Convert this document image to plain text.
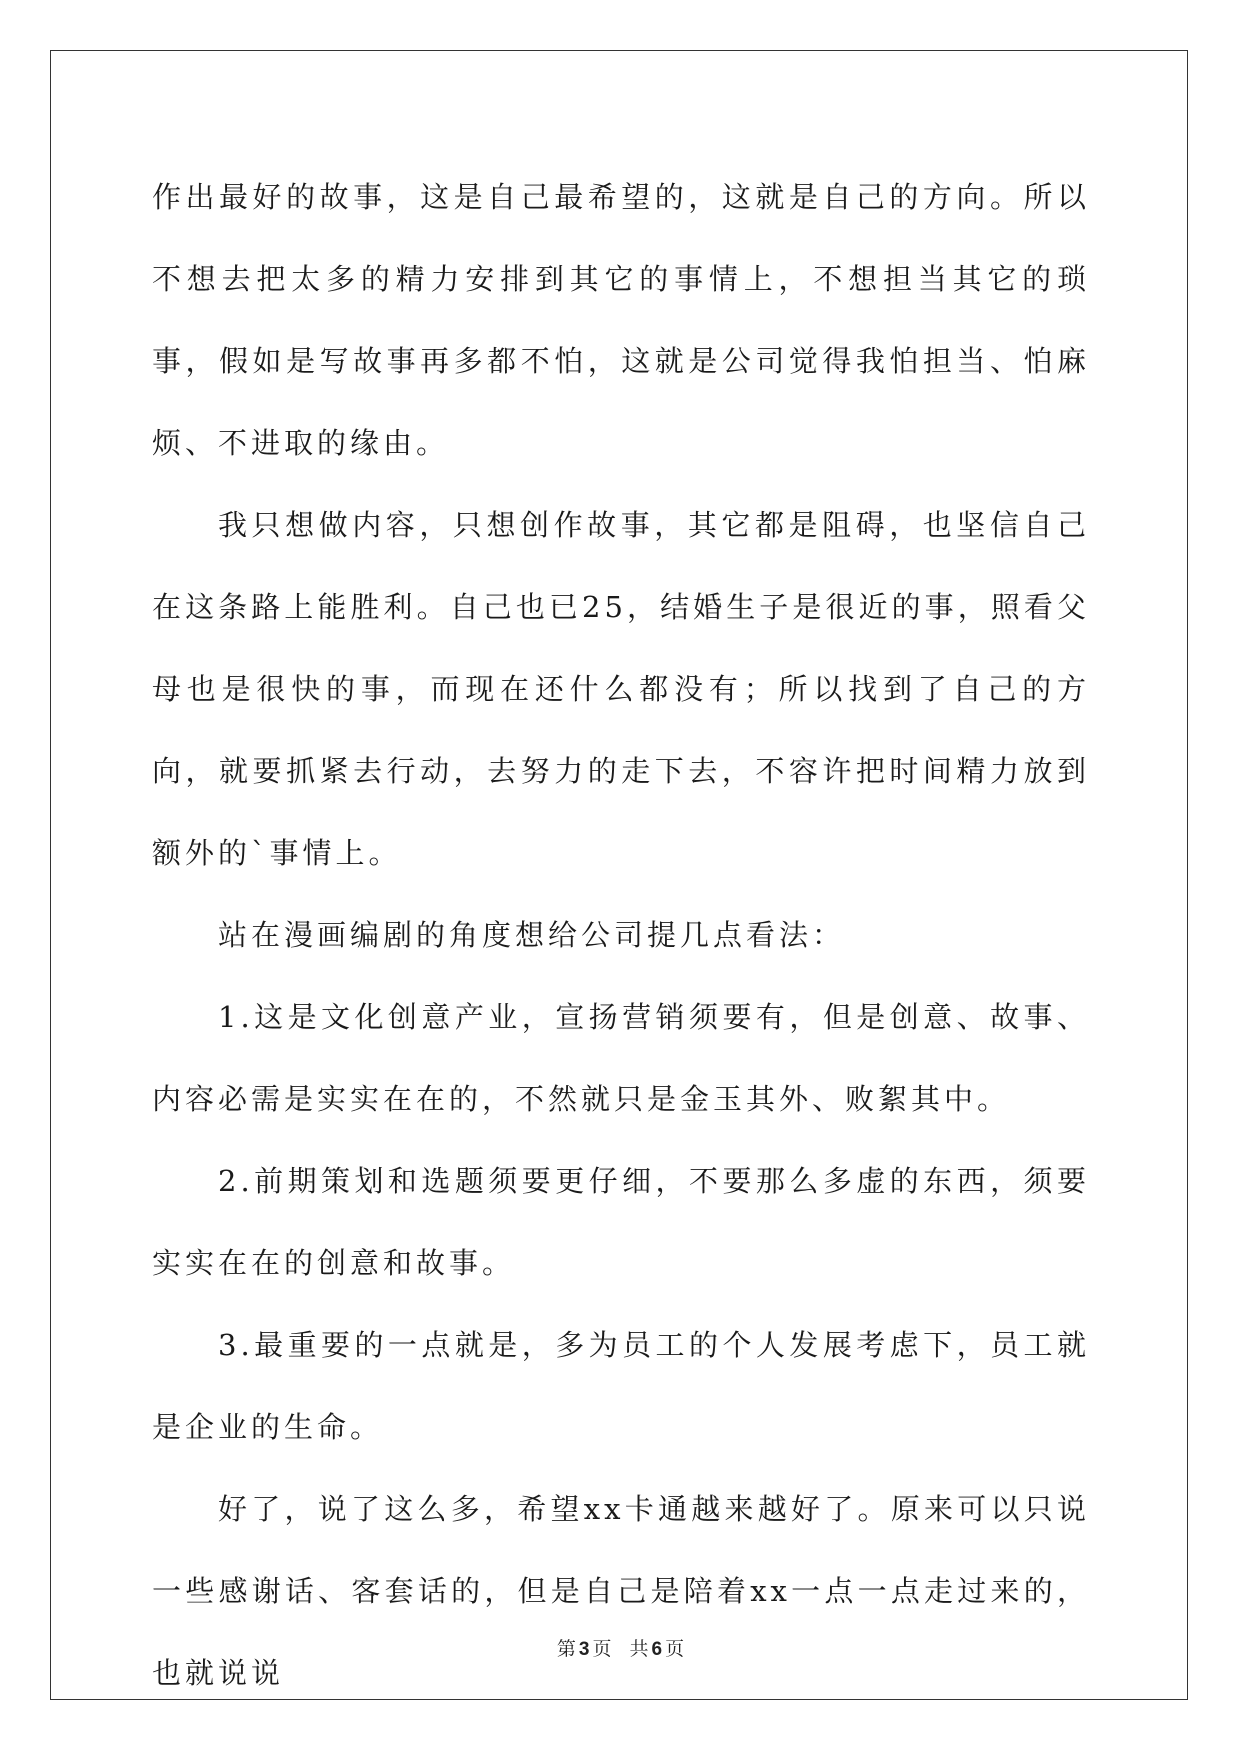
作出最好的故事，这是自己最希望的，这就是自己的方向。所以不想去把太多的精力安排到其它的事情上，不想担当其它的琐事，假如是写故事再多都不怕，这就是公司觉得我怕担当、怕麻烦、不进取的缘由。

我只想做内容，只想创作故事，其它都是阻碍，也坚信自己在这条路上能胜利。自己也已25，结婚生子是很近的事，照看父母也是很快的事，而现在还什么都没有；所以找到了自己的方向，就要抓紧去行动，去努力的走下去，不容许把时间精力放到额外的`事情上。

站在漫画编剧的角度想给公司提几点看法：

1.这是文化创意产业，宣扬营销须要有，但是创意、故事、内容必需是实实在在的，不然就只是金玉其外、败絮其中。

2.前期策划和选题须要更仔细，不要那么多虚的东西，须要实实在在的创意和故事。

3.最重要的一点就是，多为员工的个人发展考虑下，员工就是企业的生命。

好了，说了这么多，希望xx卡通越来越好了。原来可以只说一些感谢话、客套话的，但是自己是陪着xx一点一点走过来的，也就说说

第 3 页 共 6 页
